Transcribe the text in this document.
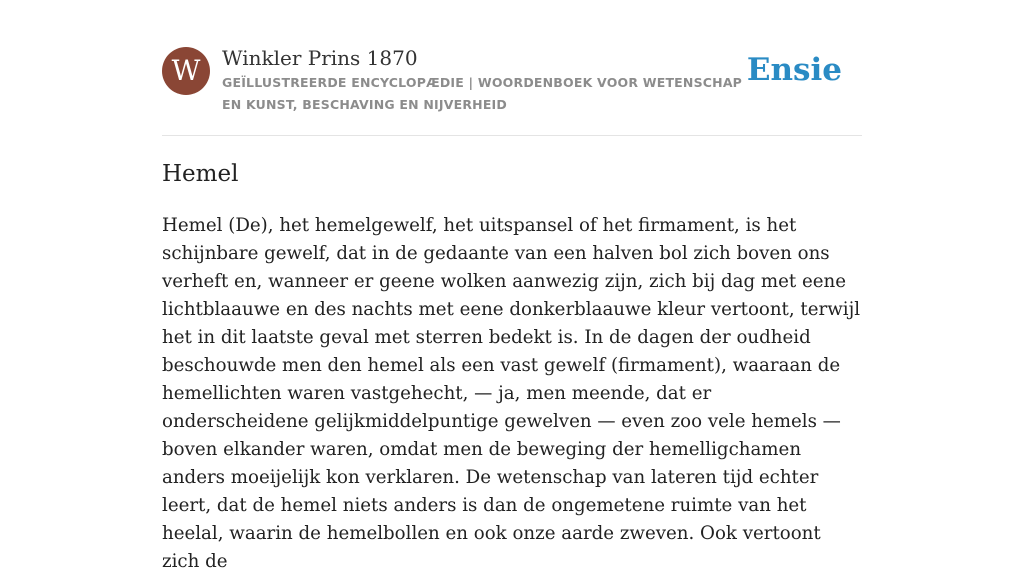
W	Winkler Prins 1870
GEÏLLUSTREERDE ENCYCLOPÆDIE | WOORDENBOEK VOOR WETENSCHAP EN KUNST, BESCHAVING EN NIJVERHEID
Ensie
Hemel

Hemel (De), het hemelgewelf, het uitspansel of het firmament, is het schijnbare gewelf, dat in de gedaante van een halven bol zich boven ons verheft en, wanneer er geene wolken aanwezig zijn, zich bij dag met eene lichtblaauwe en des nachts met eene donkerblaauwe kleur vertoont, terwijl het in dit laatste geval met sterren bedekt is. In de dagen der oudheid beschouwde men den hemel als een vast gewelf (firmament), waaraan de hemellichten waren vastgehecht, — ja, men meende, dat er onderscheidene gelijkmiddelpuntige gewelven — even zoo vele hemels — boven elkander waren, omdat men de beweging der hemelligchamen anders moeijelijk kon verklaren. De wetenschap van lateren tijd echter leert, dat de hemel niets anders is dan de ongemetene ruimte van het heelal, waarin de hemelbollen en ook onze aarde zweven. Ook vertoont zich de
